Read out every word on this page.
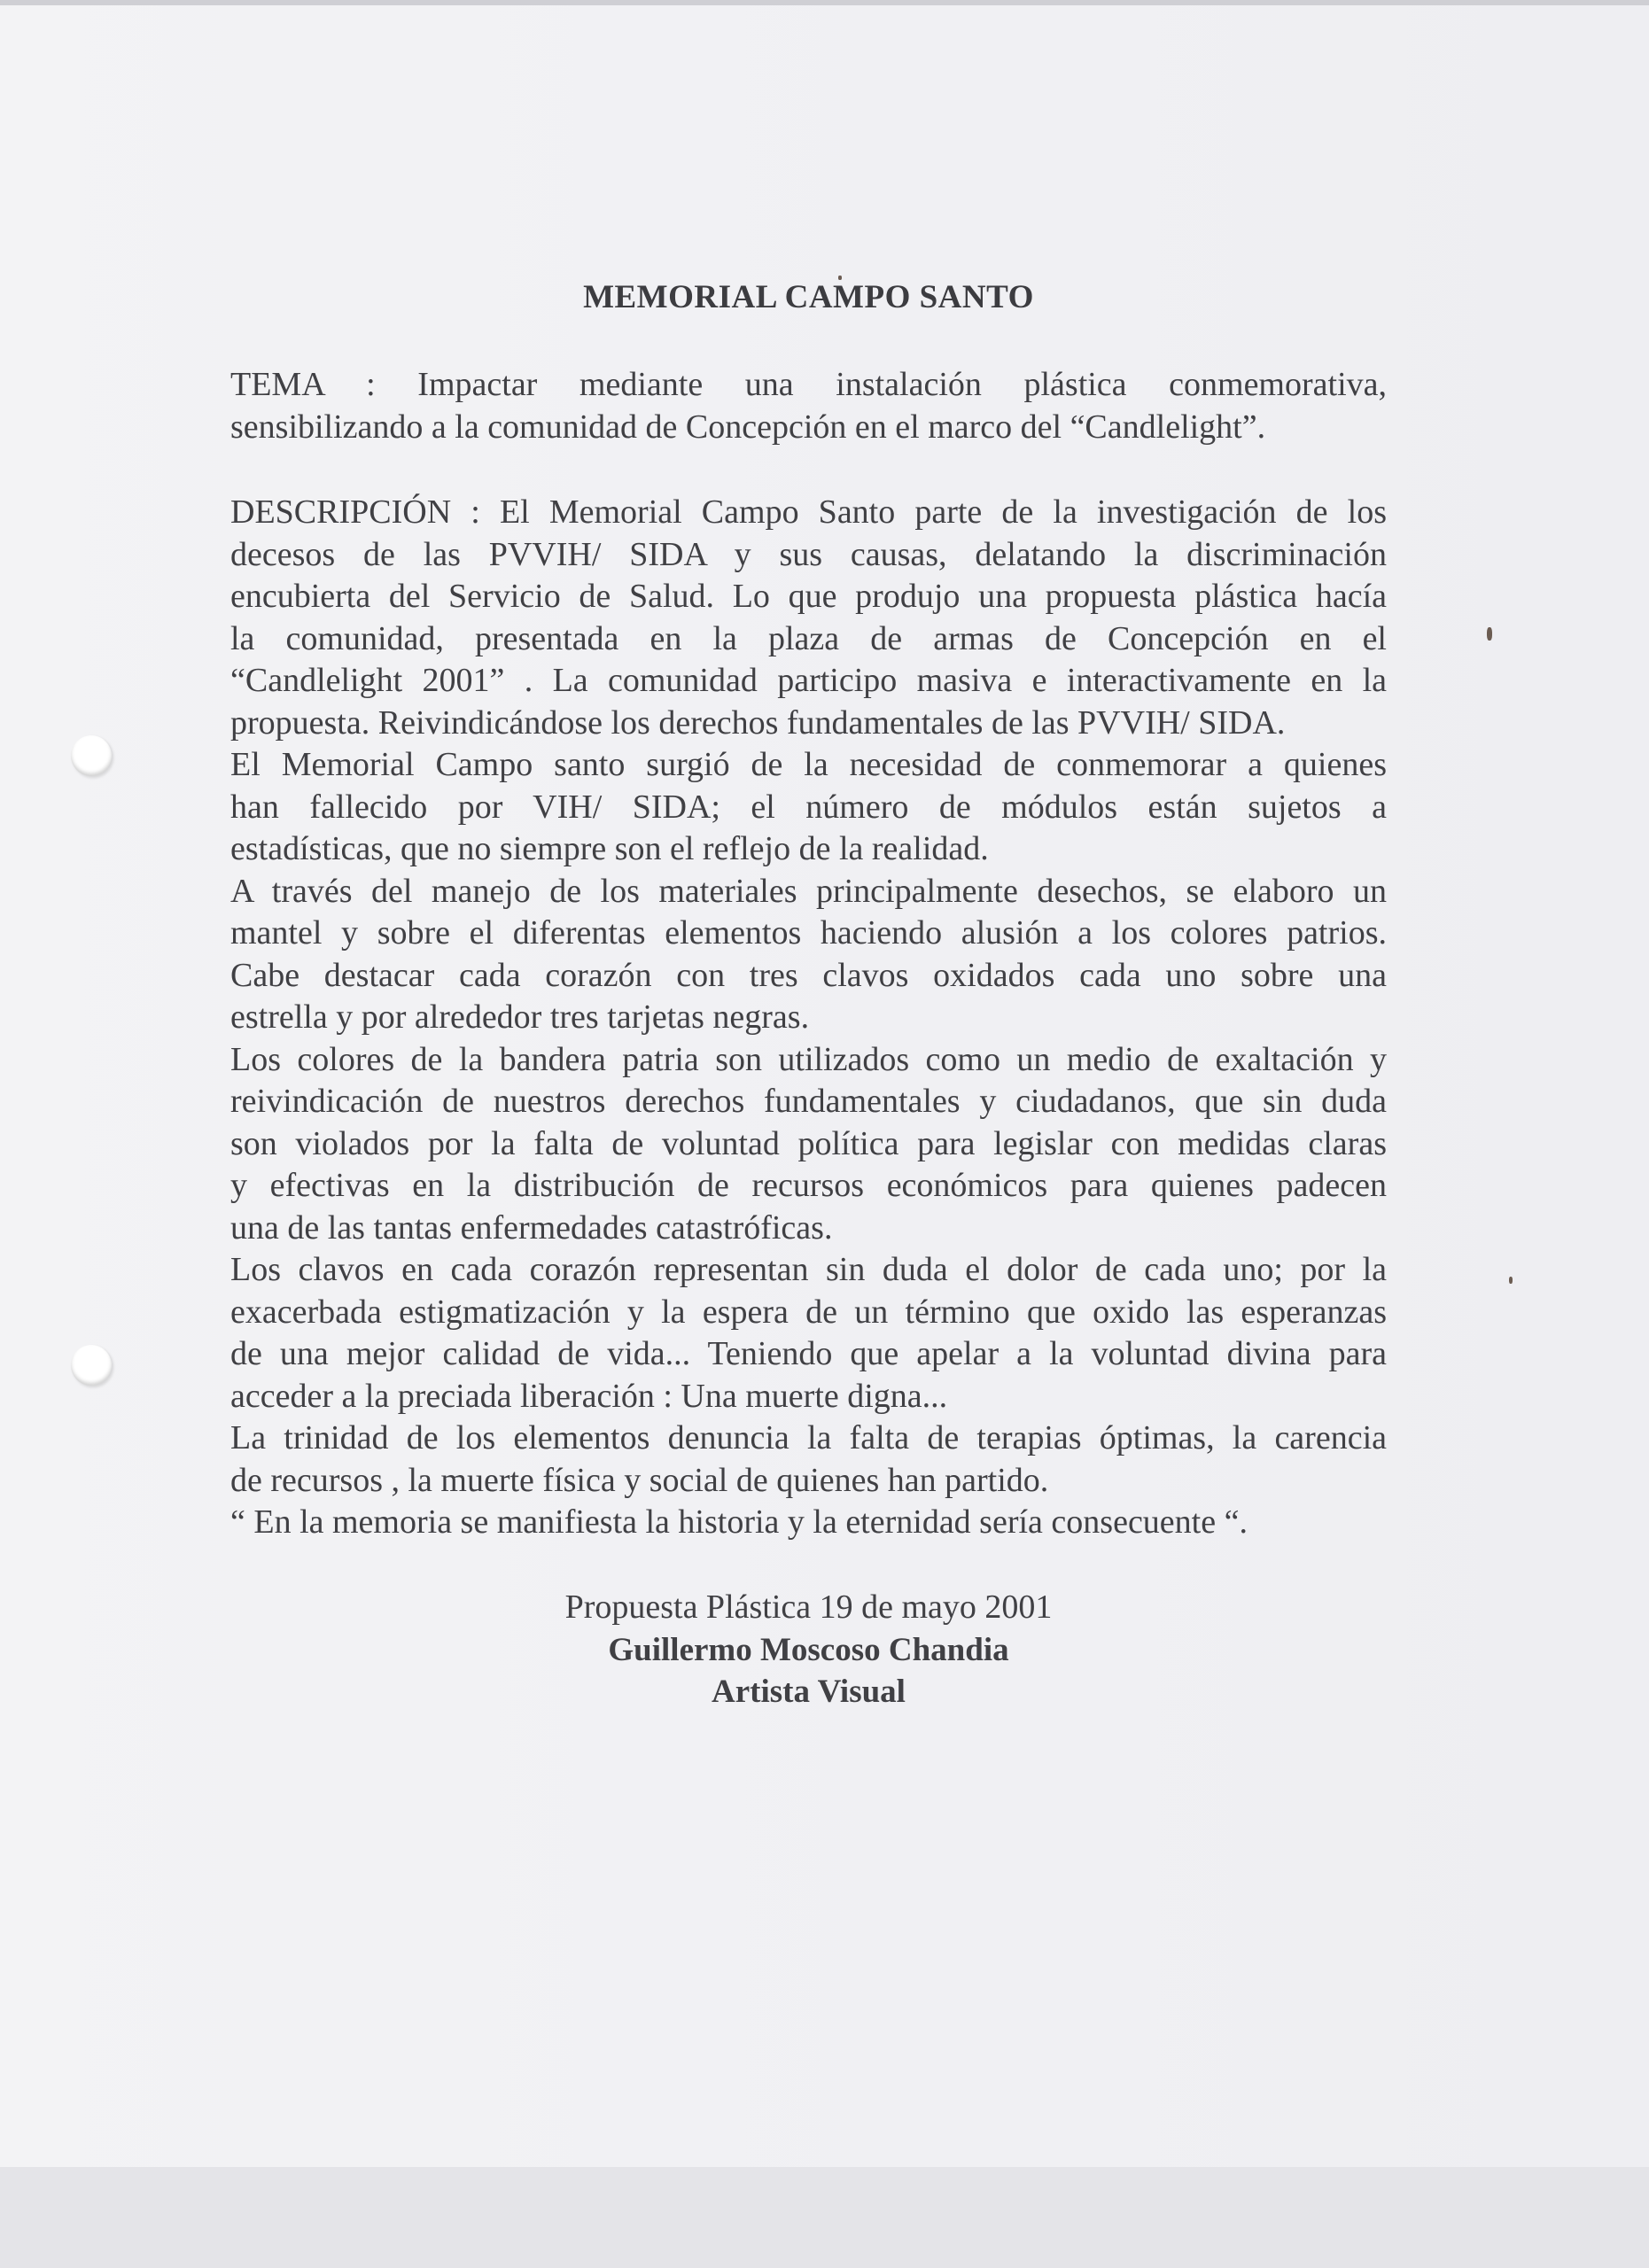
MEMORIAL CAMPO SANTO
TEMA : Impactar mediante una instalación plástica conmemorativa,
sensibilizando a la comunidad de Concepción en el marco del “Candlelight”.
DESCRIPCIÓN : El Memorial Campo Santo parte de la investigación de los
decesos de las PVVIH/ SIDA y sus causas, delatando la discriminación
encubierta del Servicio de Salud. Lo que produjo una propuesta plástica hacía
la comunidad, presentada en la plaza de armas de Concepción en el
“Candlelight 2001” . La comunidad participo masiva e interactivamente en la
propuesta. Reivindicándose los derechos fundamentales de las PVVIH/ SIDA.
El Memorial Campo santo surgió de la necesidad de conmemorar a quienes
han fallecido por VIH/ SIDA; el número de módulos están sujetos a
estadísticas, que no siempre son el reflejo de la realidad.
A través del manejo de los materiales principalmente desechos, se elaboro un
mantel y sobre el diferentas elementos haciendo alusión a los colores patrios.
Cabe destacar cada corazón con tres clavos oxidados cada uno sobre una
estrella y por alrededor tres tarjetas negras.
Los colores de la bandera patria son utilizados como un medio de exaltación y
reivindicación de nuestros derechos fundamentales y ciudadanos, que sin duda
son violados por la falta de voluntad política para legislar con medidas claras
y efectivas en la distribución de recursos económicos para quienes padecen
una de las tantas enfermedades catastróficas.
Los clavos en cada corazón representan sin duda el dolor de cada uno; por la
exacerbada estigmatización y la espera de un término que oxido las esperanzas
de una mejor calidad de vida... Teniendo que apelar a la voluntad divina para
acceder a la preciada liberación : Una muerte digna...
La trinidad de los elementos denuncia la falta de terapias óptimas, la carencia
de recursos , la muerte física y social de quienes han partido.
“ En la memoria se manifiesta la historia y la eternidad sería consecuente “.
Propuesta Plástica 19 de mayo 2001
Guillermo Moscoso Chandia
Artista Visual
